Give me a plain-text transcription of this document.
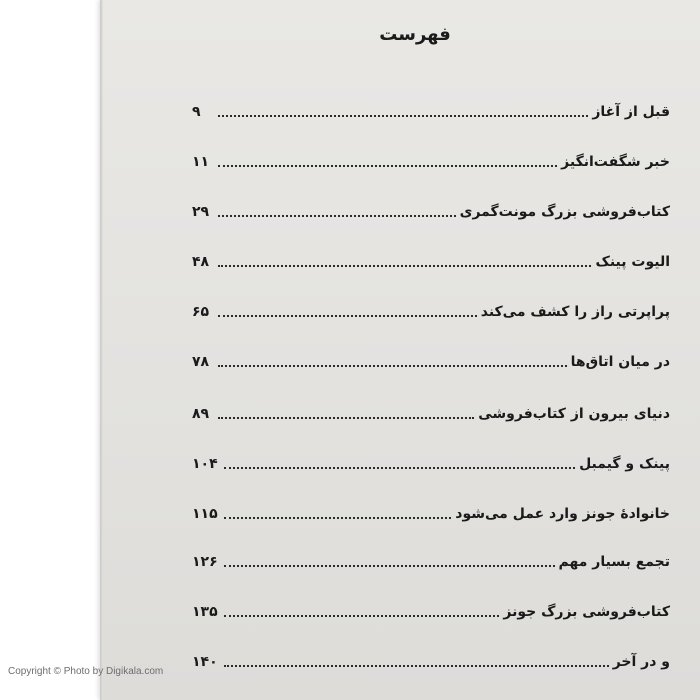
فهرست
قبل از آغاز
۹
خبر شگفت‌انگیز
۱۱
کتاب‌فروشی بزرگ مونت‌گمری
۲۹
الیوت پینک
۴۸
پراپرتی راز را کشف می‌کند
۶۵
در میان اتاق‌ها
۷۸
دنیای بیرون از کتاب‌فروشی
۸۹
پینک و گیمبل
۱۰۴
خانوادهٔ جونز وارد عمل می‌شود
۱۱۵
تجمع بسیار مهم
۱۲۶
کتاب‌فروشی بزرگ جونز
۱۳۵
و در آخر
۱۴۰
Copyright © Photo by Digikala.com
